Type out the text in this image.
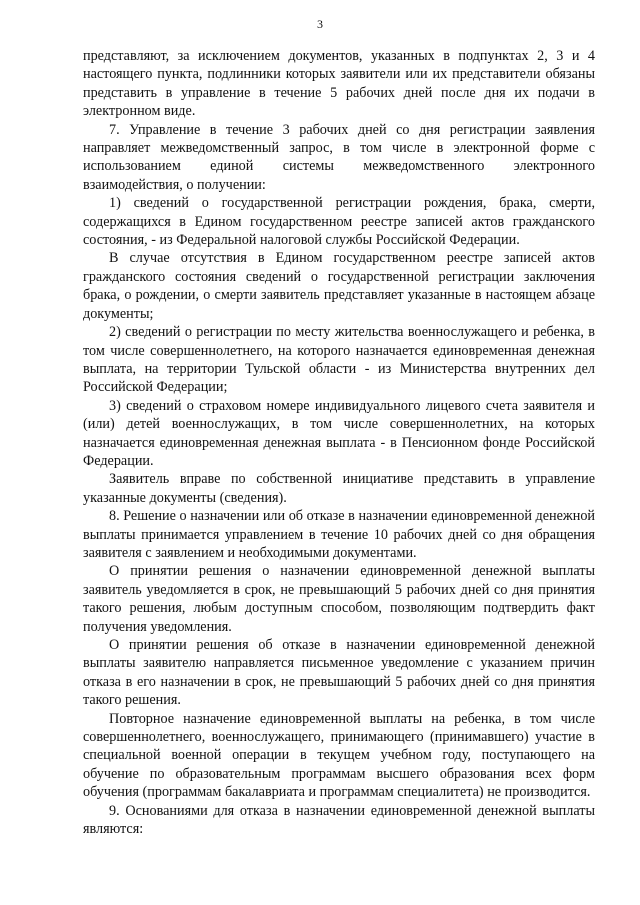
3

представляют, за исключением документов, указанных в подпунктах 2, 3 и 4 настоящего пункта, подлинники которых заявители или их представители обязаны представить в управление в течение 5 рабочих дней после дня их подачи в электронном виде.

7. Управление в течение 3 рабочих дней со дня регистрации заявления направляет межведомственный запрос, в том числе в электронной форме с использованием единой системы межведомственного электронного взаимодействия, о получении:

1) сведений о государственной регистрации рождения, брака, смерти, содержащихся в Едином государственном реестре записей актов гражданского состояния, - из Федеральной налоговой службы Российской Федерации.

В случае отсутствия в Едином государственном реестре записей актов гражданского состояния сведений о государственной регистрации заключения брака, о рождении, о смерти заявитель представляет указанные в настоящем абзаце документы;

2) сведений о регистрации по месту жительства военнослужащего и ребенка, в том числе совершеннолетнего, на которого назначается единовременная денежная выплата, на территории Тульской области - из Министерства внутренних дел Российской Федерации;

3) сведений о страховом номере индивидуального лицевого счета заявителя и (или) детей военнослужащих, в том числе совершеннолетних, на которых назначается единовременная денежная выплата - в Пенсионном фонде Российской Федерации.

Заявитель вправе по собственной инициативе представить в управление указанные документы (сведения).

8. Решение о назначении или об отказе в назначении единовременной денежной выплаты принимается управлением в течение 10 рабочих дней со дня обращения заявителя с заявлением и необходимыми документами.

О принятии решения о назначении единовременной денежной выплаты заявитель уведомляется в срок, не превышающий 5 рабочих дней со дня принятия такого решения, любым доступным способом, позволяющим подтвердить факт получения уведомления.

О принятии решения об отказе в назначении единовременной денежной выплаты заявителю направляется письменное уведомление с указанием причин отказа в его назначении в срок, не превышающий 5 рабочих дней со дня принятия такого решения.

Повторное назначение единовременной выплаты на ребенка, в том числе совершеннолетнего, военнослужащего, принимающего (принимавшего) участие в специальной военной операции в текущем учебном году, поступающего на обучение по образовательным программам высшего образования всех форм обучения (программам бакалавриата и программам специалитета) не производится.

9. Основаниями для отказа в назначении единовременной денежной выплаты являются:
